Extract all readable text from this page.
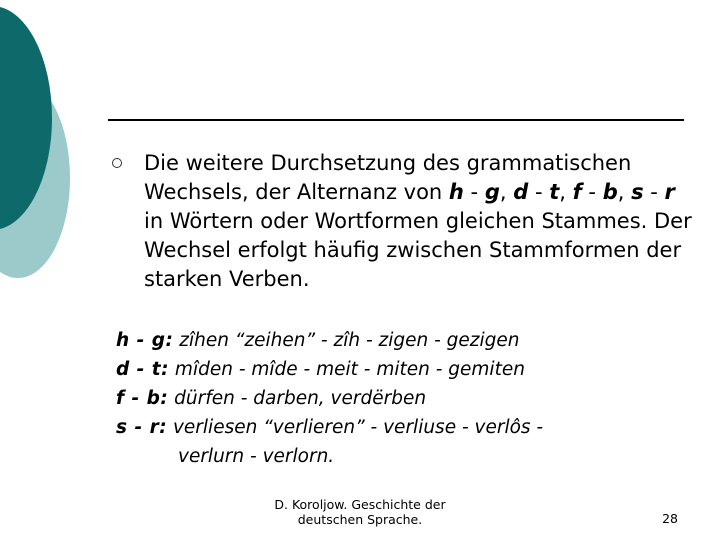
Die weitere Durchsetzung des grammatischen Wechsels, der Alternanz von h - g, d - t, f - b, s - r in Wörtern oder Wortformen gleichen Stammes. Der Wechsel erfolgt häufig zwischen Stammformen der starken Verben.

h - g: zîhen “zeihen” - zîh - zigen - gezigen
d - t: mîden - mîde - meit - miten - gemiten
f - b: dürfen - darben, verdërben
s - r: verliesen “verlieren” - verliuse - verlôs -
verlurn - verlorn.
D. Koroljow. Geschichte der deutschen Sprache.	28
